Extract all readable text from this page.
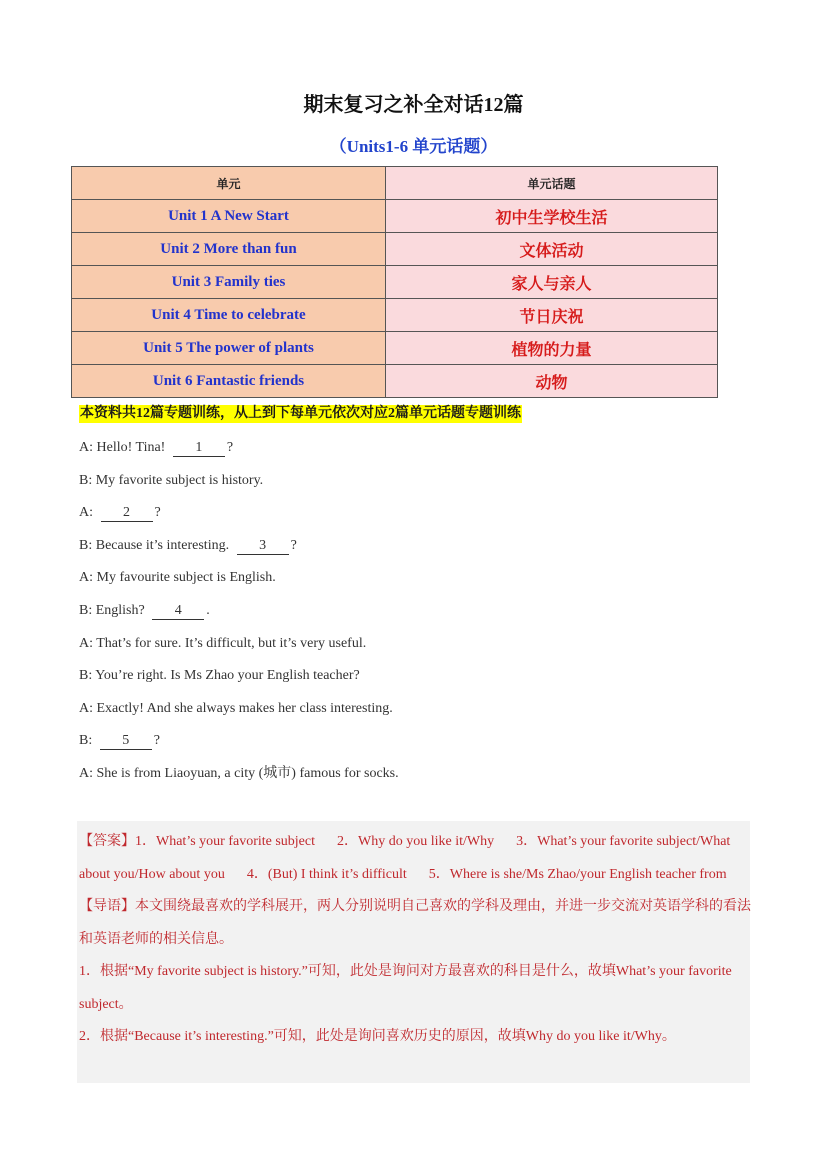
期末复习之补全对话12篇
（Units1-6 单元话题）
单元	单元话题
Unit 1 A New Start	初中生学校生活
Unit 2 More than fun	文体活动
Unit 3 Family ties	家人与亲人
Unit 4 Time to celebrate	节日庆祝
Unit 5 The power of plants	植物的力量
Unit 6 Fantastic friends	动物
本资料共12篇专题训练，从上到下每单元依次对应2篇单元话题专题训练
A: Hello! Tina! 1 ?
B: My favorite subject is history.
A: 2 ?
B: Because it’s interesting. 3 ?
A: My favourite subject is English.
B: English? 4 .
A: That’s for sure. It’s difficult, but it’s very useful.
B: You’re right. Is Ms Zhao your English teacher?
A: Exactly! And she always makes her class interesting.
B: 5 ?
A: She is from Liaoyuan, a city (城市) famous for socks.
【答案】1．What’s your favorite subject 2．Why do you like it/Why 3．What’s your favorite subject/What about you/How about you 4．(But) I think it’s difficult 5．Where is she/Ms Zhao/your English teacher from
【导语】本文围绕最喜欢的学科展开，两人分别说明自己喜欢的学科及理由，并进一步交流对英语学科的看法和英语老师的相关信息。
1．根据“My favorite subject is history.”可知，此处是询问对方最喜欢的科目是什么，故填What’s your favorite subject。
2．根据“Because it’s interesting.”可知，此处是询问喜欢历史的原因，故填Why do you like it/Why。
